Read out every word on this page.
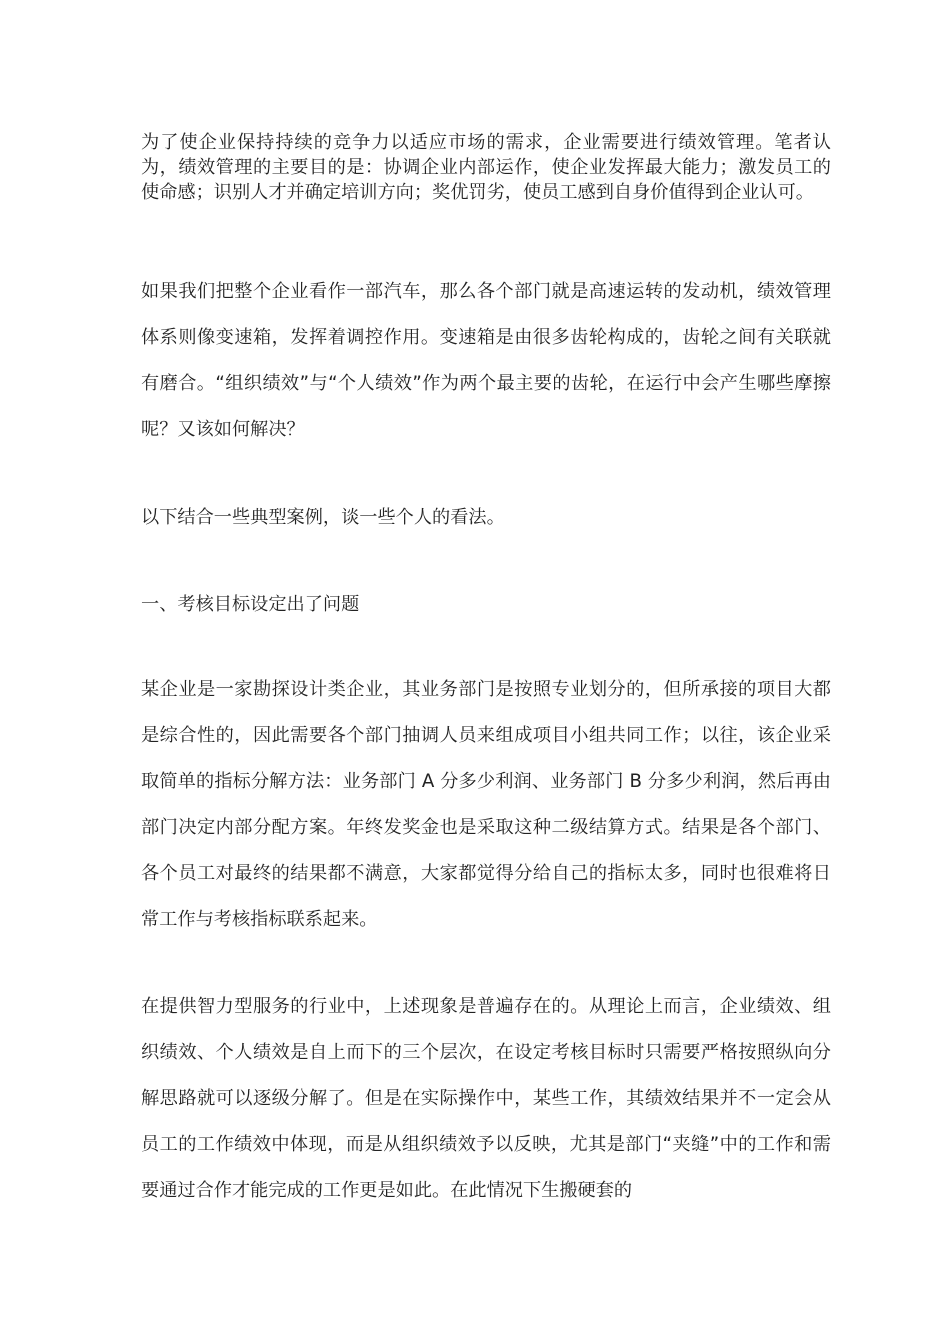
为了使企业保持持续的竞争力以适应市场的需求，企业需要进行绩效管理。笔者认为，绩效管理的主要目的是：协调企业内部运作，使企业发挥最大能力；激发员工的使命感；识别人才并确定培训方向；奖优罚劣，使员工感到自身价值得到企业认可。

如果我们把整个企业看作一部汽车，那么各个部门就是高速运转的发动机，绩效管理体系则像变速箱，发挥着调控作用。变速箱是由很多齿轮构成的，齿轮之间有关联就有磨合。“组织绩效”与“个人绩效”作为两个最主要的齿轮，在运行中会产生哪些摩擦呢？又该如何解决？

以下结合一些典型案例，谈一些个人的看法。

一、考核目标设定出了问题

某企业是一家勘探设计类企业，其业务部门是按照专业划分的，但所承接的项目大都是综合性的，因此需要各个部门抽调人员来组成项目小组共同工作；以往，该企业采取简单的指标分解方法：业务部门 A 分多少利润、业务部门 B 分多少利润，然后再由部门决定内部分配方案。年终发奖金也是采取这种二级结算方式。结果是各个部门、各个员工对最终的结果都不满意，大家都觉得分给自己的指标太多，同时也很难将日常工作与考核指标联系起来。

在提供智力型服务的行业中，上述现象是普遍存在的。从理论上而言，企业绩效、组织绩效、个人绩效是自上而下的三个层次，在设定考核目标时只需要严格按照纵向分解思路就可以逐级分解了。但是在实际操作中，某些工作，其绩效结果并不一定会从员工的工作绩效中体现，而是从组织绩效予以反映，尤其是部门“夹缝”中的工作和需要通过合作才能完成的工作更是如此。在此情况下生搬硬套的
